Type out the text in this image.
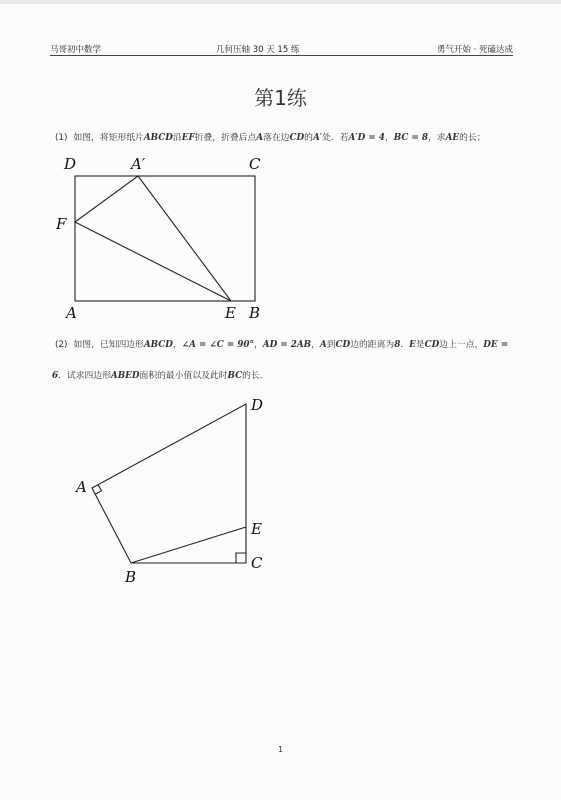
马哥初中数学	几何压轴 30 天 15 练	勇气开始 · 死磕达成
第1练
(1) 如图，将矩形纸片ABCD沿EF折叠，折叠后点A落在边CD的A′处．若A′D = 4，BC = 8，求AE的长；
(2) 如图，已知四边形ABCD，∠A = ∠C = 90°，AD = 2AB，A到CD边的距离为8．E是CD边上一点，DE =
6．试求四边形ABED面积的最小值以及此时BC的长．
D	A′	C
F
A	E B
D
A
E
B
C
1
